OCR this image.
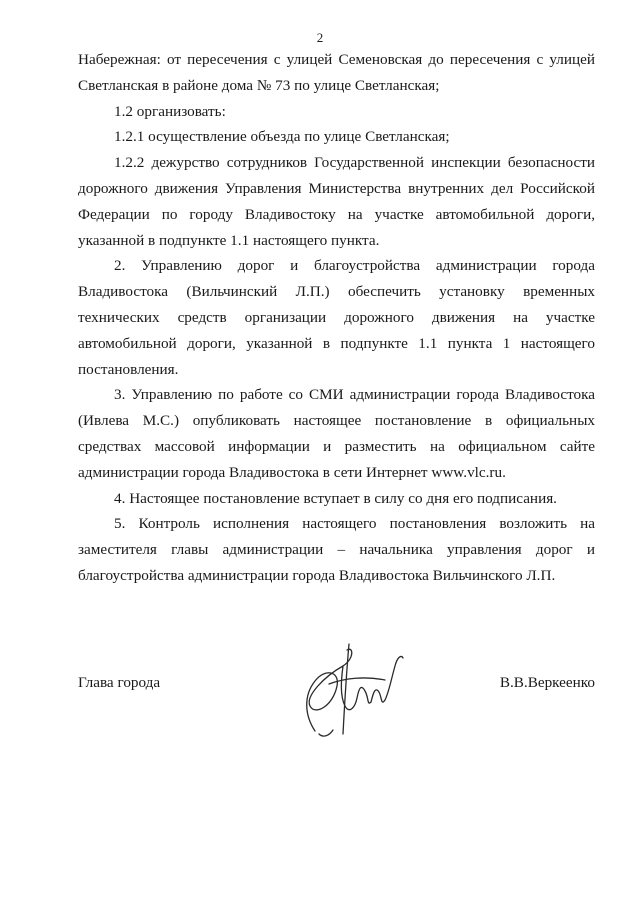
2

Набережная: от пересечения с улицей Семеновская до пересечения с улицей Светланская в районе дома № 73 по улице Светланская;

1.2 организовать:

1.2.1 осуществление объезда по улице Светланская;

1.2.2 дежурство сотрудников Государственной инспекции безопасности дорожного движения Управления Министерства внутренних дел Российской Федерации по городу Владивостоку на участке автомобильной дороги, указанной в подпункте 1.1 настоящего пункта.

2. Управлению дорог и благоустройства администрации города Владивостока (Вильчинский Л.П.) обеспечить установку временных технических средств организации дорожного движения на участке автомобильной дороги, указанной в подпункте 1.1 пункта 1 настоящего постановления.

3. Управлению по работе со СМИ администрации города Владивостока (Ивлева М.С.) опубликовать настоящее постановление в официальных средствах массовой информации и разместить на официальном сайте администрации города Владивостока в сети Интернет www.vlc.ru.

4. Настоящее постановление вступает в силу со дня его подписания.

5. Контроль исполнения настоящего постановления возложить на заместителя главы администрации – начальника управления дорог и благоустройства администрации города Владивостока Вильчинского Л.П.

Глава города	В.В.Веркеенко
